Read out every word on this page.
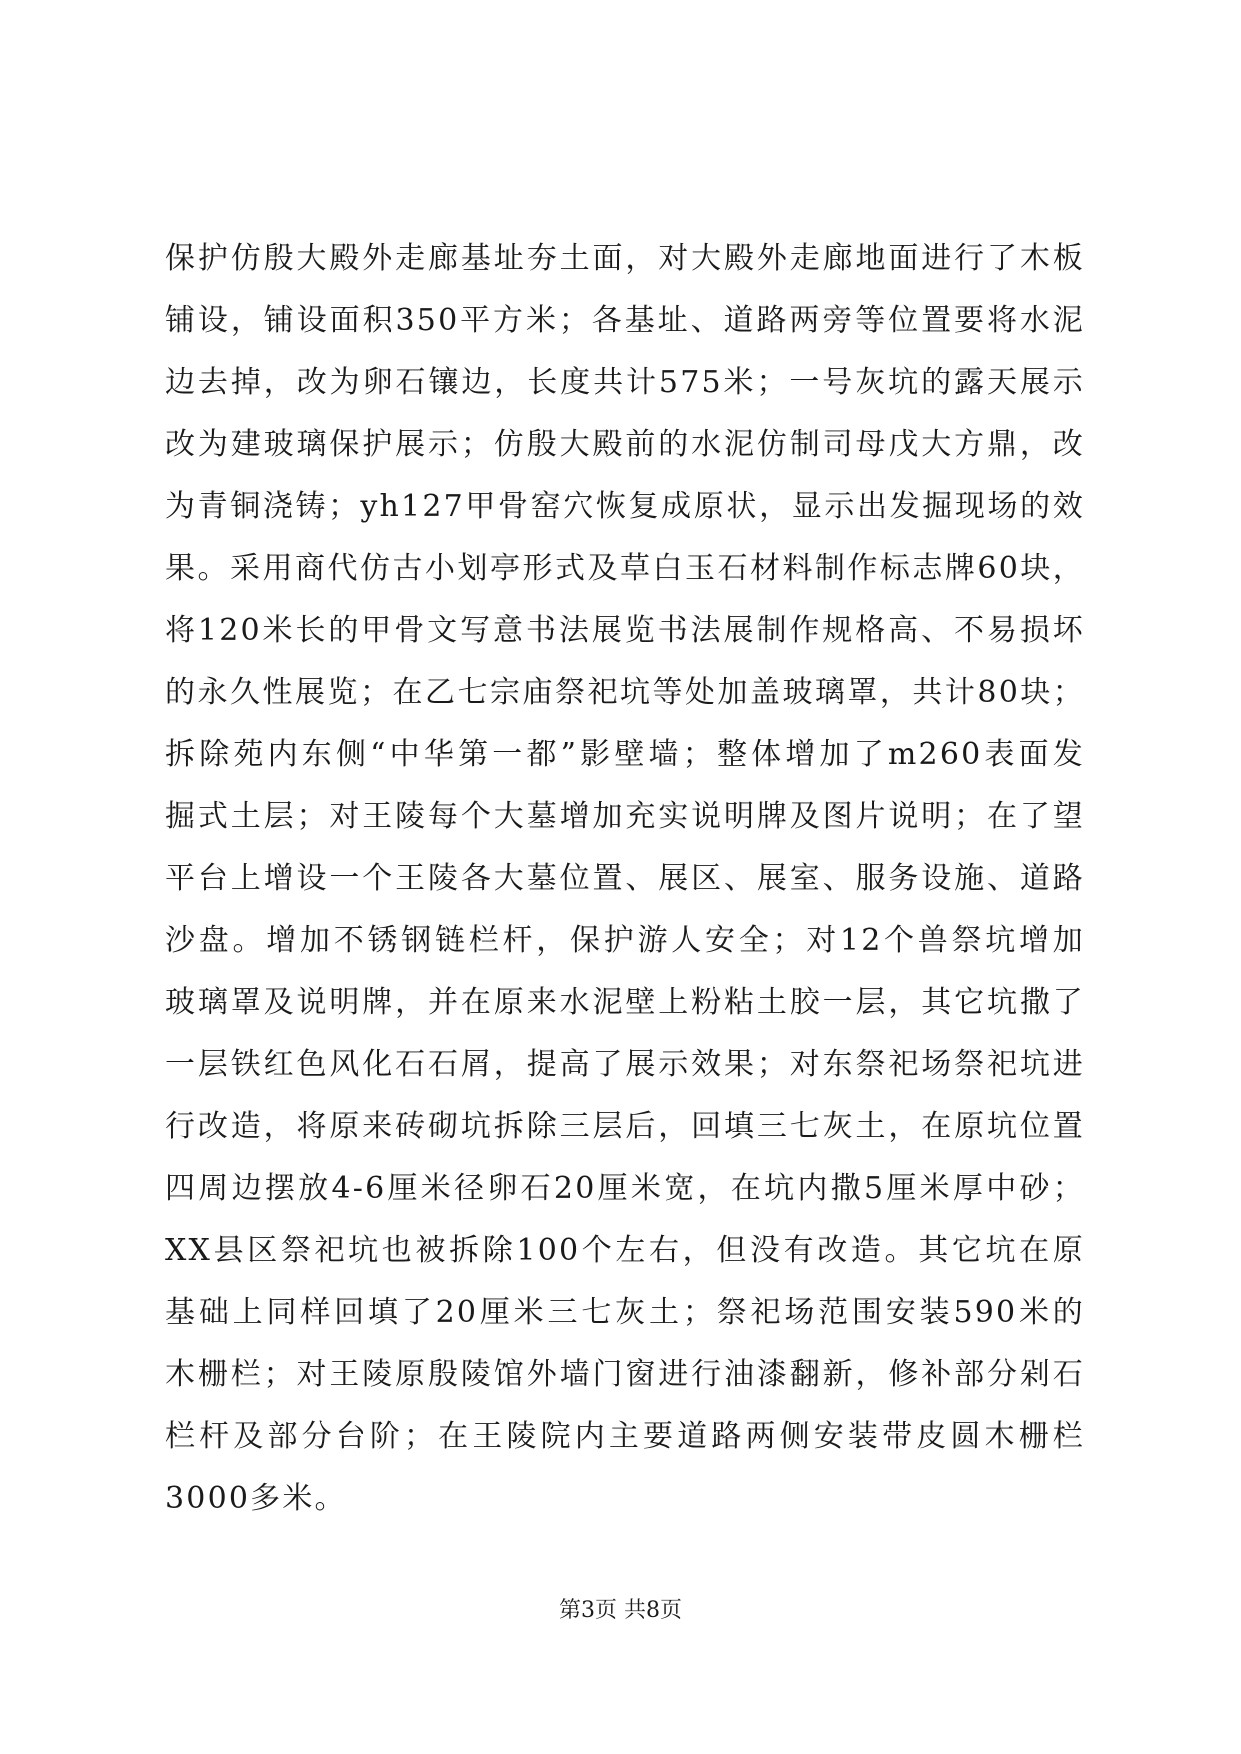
保护仿殷大殿外走廊基址夯土面，对大殿外走廊地面进行了木板
铺设，铺设面积350平方米；各基址、道路两旁等位置要将水泥
边去掉，改为卵石镶边，长度共计575米；一号灰坑的露天展示
改为建玻璃保护展示；仿殷大殿前的水泥仿制司母戊大方鼎，改
为青铜浇铸；yh127甲骨窑穴恢复成原状，显示出发掘现场的效
果。采用商代仿古小划亭形式及草白玉石材料制作标志牌60块，
将120米长的甲骨文写意书法展览书法展制作规格高、不易损坏
的永久性展览；在乙七宗庙祭祀坑等处加盖玻璃罩，共计80块；
拆除苑内东侧“中华第一都”影壁墙；整体增加了m260表面发
掘式土层；对王陵每个大墓增加充实说明牌及图片说明；在了望
平台上增设一个王陵各大墓位置、展区、展室、服务设施、道路
沙盘。增加不锈钢链栏杆，保护游人安全；对12个兽祭坑增加
玻璃罩及说明牌，并在原来水泥壁上粉粘土胶一层，其它坑撒了
一层铁红色风化石石屑，提高了展示效果；对东祭祀场祭祀坑进
行改造，将原来砖砌坑拆除三层后，回填三七灰土，在原坑位置
四周边摆放4-6厘米径卵石20厘米宽，在坑内撒5厘米厚中砂；
XX县区祭祀坑也被拆除100个左右，但没有改造。其它坑在原
基础上同样回填了20厘米三七灰土；祭祀场范围安装590米的
木栅栏；对王陵原殷陵馆外墙门窗进行油漆翻新，修补部分剁石
栏杆及部分台阶；在王陵院内主要道路两侧安装带皮圆木栅栏
3000多米。
第3页 共8页
